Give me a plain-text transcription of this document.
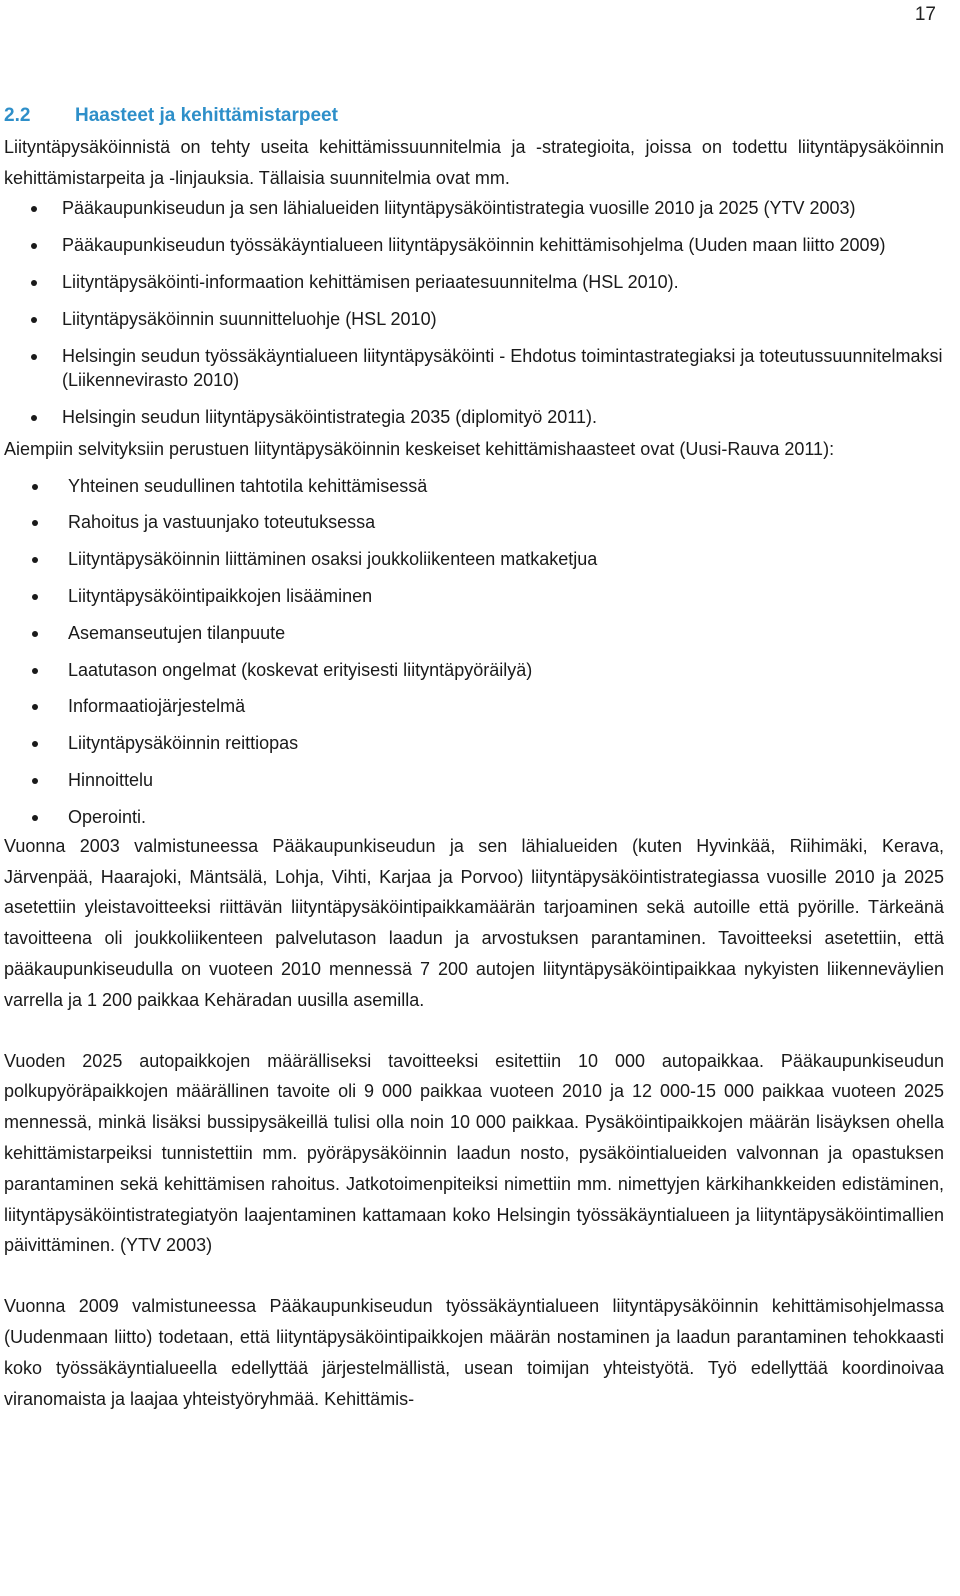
17
2.2	Haasteet ja kehittämistarpeet

Liityntäpysäköinnistä on tehty useita kehittämissuunnitelmia ja -strategioita, joissa on todettu liityntäpysäköinnin kehittämistarpeita ja -linjauksia. Tällaisia suunnitelmia ovat mm.

Pääkaupunkiseudun ja sen lähialueiden liityntäpysäköintistrategia vuosille 2010 ja 2025 (YTV 2003)
Pääkaupunkiseudun työssäkäyntialueen liityntäpysäköinnin kehittämisohjelma (Uuden maan liitto 2009)
Liityntäpysäköinti-informaation kehittämisen periaatesuunnitelma (HSL 2010).
Liityntäpysäköinnin suunnitteluohje (HSL 2010)
Helsingin seudun työssäkäyntialueen liityntäpysäköinti - Ehdotus toimintastrategiaksi ja toteutussuunnitelmaksi (Liikennevirasto 2010)
Helsingin seudun liityntäpysäköintistrategia 2035 (diplomityö 2011).

Aiempiin selvityksiin perustuen liityntäpysäköinnin keskeiset kehittämishaasteet ovat (Uusi-Rauva 2011):

Yhteinen seudullinen tahtotila kehittämisessä
Rahoitus ja vastuunjako toteutuksessa
Liityntäpysäköinnin liittäminen osaksi joukkoliikenteen matkaketjua
Liityntäpysäköintipaikkojen lisääminen
Asemanseutujen tilanpuute
Laatutason ongelmat (koskevat erityisesti liityntäpyöräilyä)
Informaatiojärjestelmä
Liityntäpysäköinnin reittiopas
Hinnoittelu
Operointi.

Vuonna 2003 valmistuneessa Pääkaupunkiseudun ja sen lähialueiden (kuten Hyvinkää, Riihimäki, Kerava, Järvenpää, Haarajoki, Mäntsälä, Lohja, Vihti, Karjaa ja Porvoo) liityntäpysäköintistrategiassa vuosille 2010 ja 2025 asetettiin yleistavoitteeksi riittävän liityntäpysäköintipaikkamäärän tarjoaminen sekä autoille että pyörille. Tärkeänä tavoitteena oli joukkoliikenteen palvelutason laadun ja arvostuksen parantaminen. Tavoitteeksi asetettiin, että pääkaupunkiseudulla on vuoteen 2010 mennessä 7 200 autojen liityntäpysäköintipaikkaa nykyisten liikenneväylien varrella ja 1 200 paikkaa Kehäradan uusilla asemilla.

Vuoden 2025 autopaikkojen määrälliseksi tavoitteeksi esitettiin 10 000 autopaikkaa. Pääkaupunkiseudun polkupyöräpaikkojen määrällinen tavoite oli 9 000 paikkaa vuoteen 2010 ja 12 000-15 000 paikkaa vuoteen 2025 mennessä, minkä lisäksi bussipysäkeillä tulisi olla noin 10 000 paikkaa. Pysäköintipaikkojen määrän lisäyksen ohella kehittämistarpeiksi tunnistettiin mm. pyöräpysäköinnin laadun nosto, pysäköintialueiden valvonnan ja opastuksen parantaminen sekä kehittämisen rahoitus. Jatkotoimenpiteiksi nimettiin mm. nimettyjen kärkihankkeiden edistäminen, liityntäpysäköintistrategiatyön laajentaminen kattamaan koko Helsingin työssäkäyntialueen ja liityntäpysäköintimallien päivittäminen. (YTV 2003)

Vuonna 2009 valmistuneessa Pääkaupunkiseudun työssäkäyntialueen liityntäpysäköinnin kehittämisohjelmassa (Uudenmaan liitto) todetaan, että liityntäpysäköintipaikkojen määrän nostaminen ja laadun parantaminen tehokkaasti koko työssäkäyntialueella edellyttää järjestelmällistä, usean toimijan yhteistyötä. Työ edellyttää koordinoivaa viranomaista ja laajaa yhteistyöryhmää. Kehittämis-
